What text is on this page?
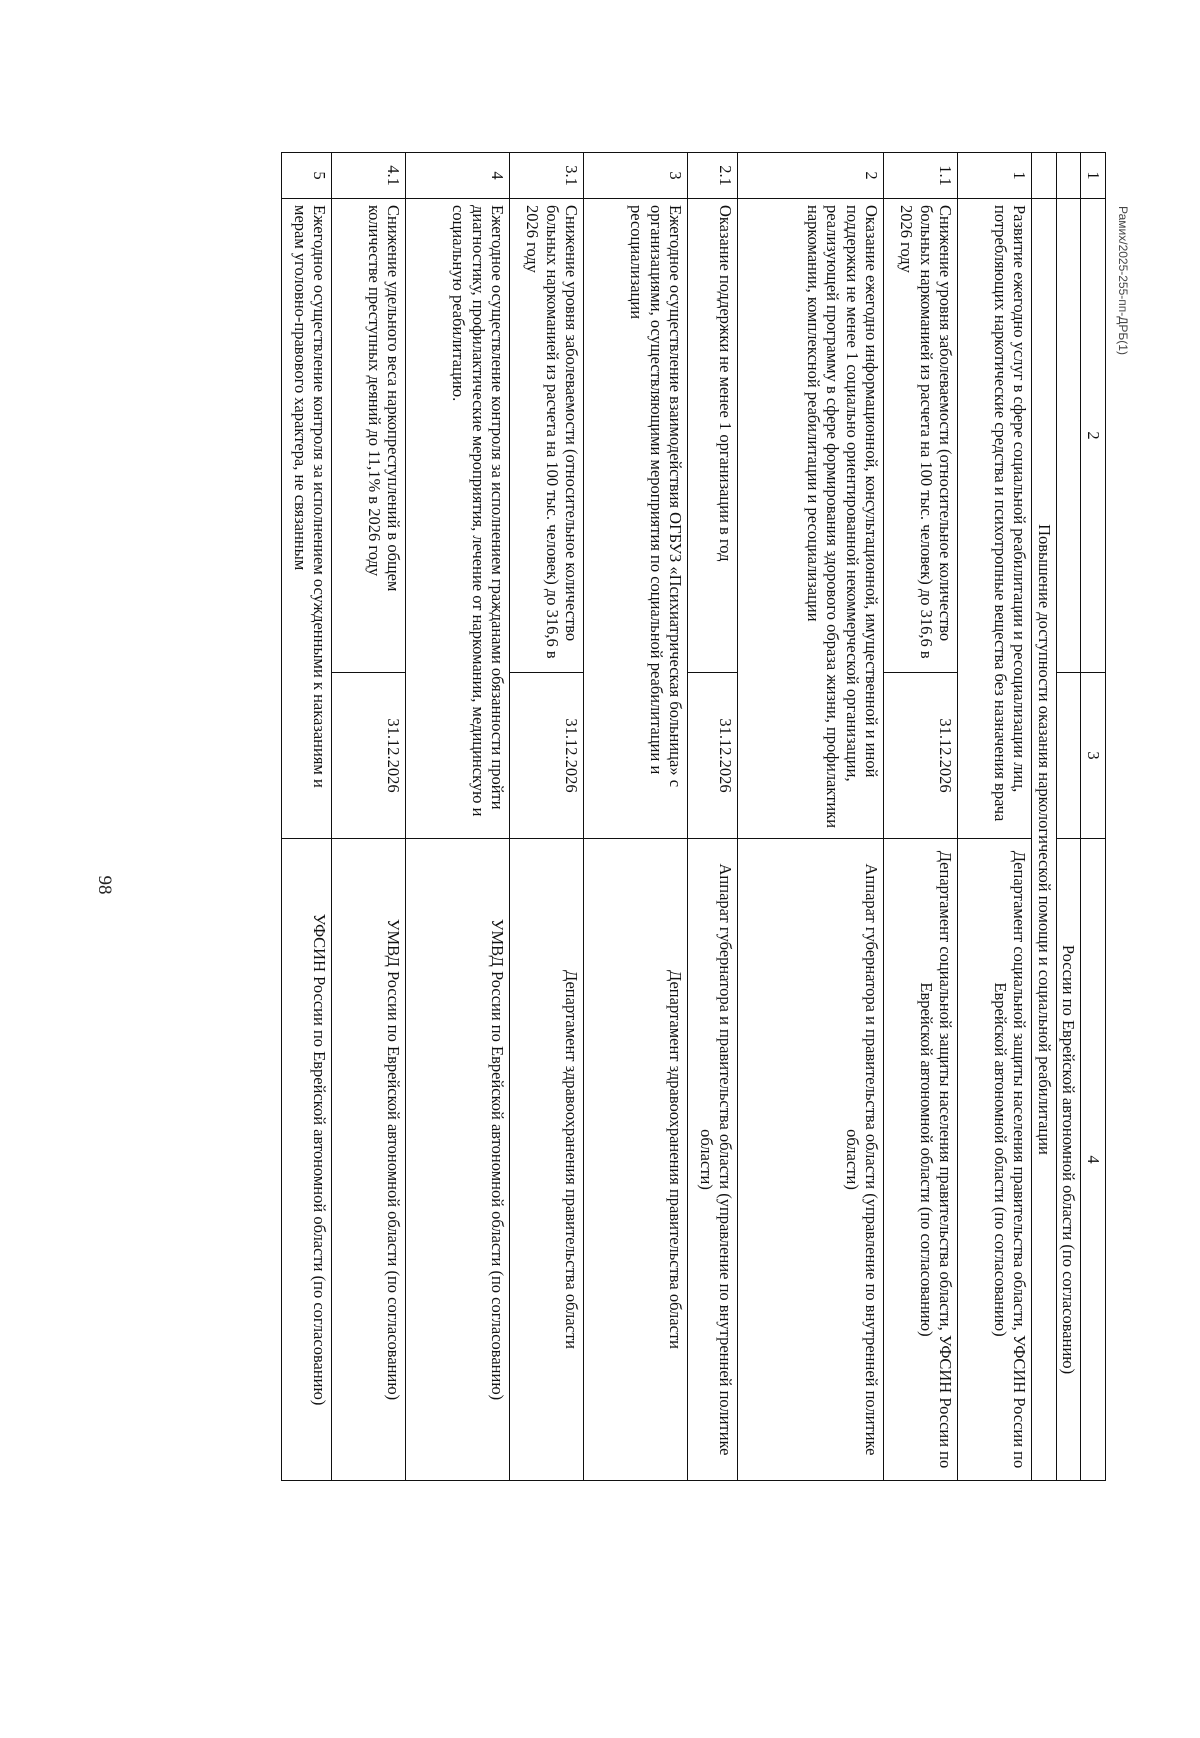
98
Рамиx/2025-255-пп-ДРБ(1)
1	2	3	4
			России по Еврейской автономной области (по согласованию)
	Повышение доступности оказания наркологической помощи и социальной реабилитации		
1	Развитие ежегодно услуг в сфере социальной реабилитации и ресоциализации лиц, потребляющих наркотические средства и психотропные вещества без назначения врача		Департамент социальной защиты населения правительства области, УФСИН России по Еврейской автономной области (по согласованию)
1.1	Снижение уровня заболеваемости (относительное количество больных наркоманией из расчета на 100 тыс. человек) до 316,6 в 2026 году	31.12.2026	Департамент социальной защиты населения правительства области, УФСИН России по Еврейской автономной области (по согласованию)
2	Оказание ежегодно информационной, консультационной, имущественной и иной поддержки не менее 1 социально ориентированной некоммерческой организации, реализующей программу в сфере формирования здорового образа жизни, профилактики наркомании, комплексной реабилитации и ресоциализации		Аппарат губернатора и правительства области (управление по внутренней политике области)
2.1	Оказание поддержки не менее 1 организации в год	31.12.2026	Аппарат губернатора и правительства области (управление по внутренней политике области)
3	Ежегодное осуществление взаимодействия ОГБУЗ «Психиатрическая больница» с организациями, осуществляющими мероприятия по социальной реабилитации и ресоциализации		Департамент здравоохранения правительства области
3.1	Снижение уровня заболеваемости (относительное количество больных наркоманией из расчета на 100 тыс. человек) до 316,6 в 2026 году	31.12.2026	Департамент здравоохранения правительства области
4	Ежегодное осуществление контроля за исполнением гражданами обязанности пройти диагностику, профилактические мероприятия, лечение от наркомании, медицинскую и социальную реабилитацию.		УМВД России по Еврейской автономной области (по согласованию)
4.1	Снижение удельного веса наркопреступлений в общем количестве преступных деяний до 11,1% в 2026 году	31.12.2026	УМВД России по Еврейской автономной области (по согласованию)
5	Ежегодное осуществление контроля за исполнением осужденными к наказаниям и мерам уголовно-правового характера, не связанным		УФСИН России по Еврейской автономной области (по согласованию)
